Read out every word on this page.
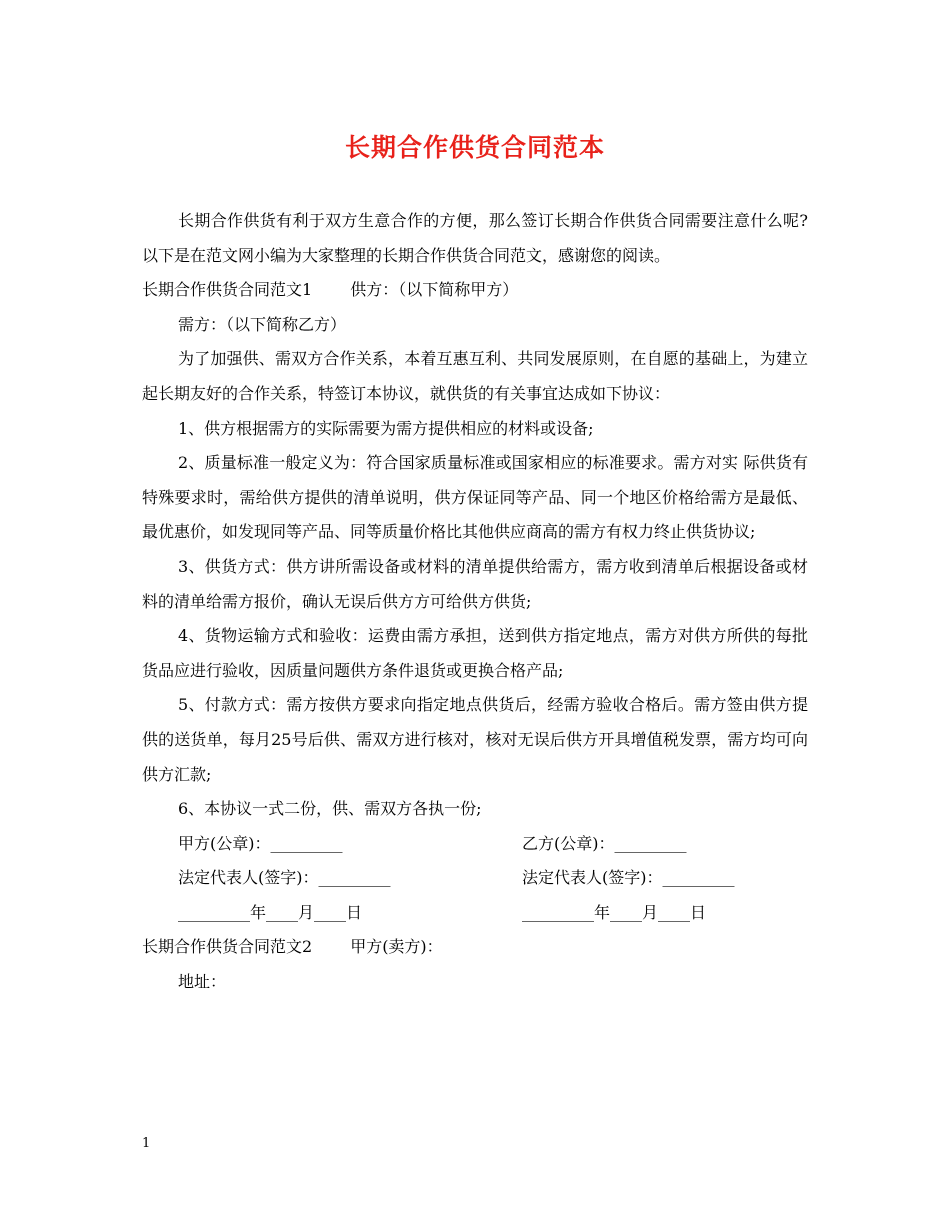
长期合作供货合同范本

长期合作供货有利于双方生意合作的方便，那么签订长期合作供货合同需要注意什么呢?以下是在范文网小编为大家整理的长期合作供货合同范文，感谢您的阅读。

长期合作供货合同范文1 供方：（以下简称甲方）

需方：（以下简称乙方）

为了加强供、需双方合作关系，本着互惠互利、共同发展原则，在自愿的基础上，为建立起长期友好的合作关系，特签订本协议，就供货的有关事宜达成如下协议：

1、供方根据需方的实际需要为需方提供相应的材料或设备;

2、质量标准一般定义为：符合国家质量标准或国家相应的标准要求。需方对实 际供货有特殊要求时，需给供方提供的清单说明，供方保证同等产品、同一个地区价格给需方是最低、最优惠价，如发现同等产品、同等质量价格比其他供应商高的需方有权力终止供货协议;

3、供货方式：供方讲所需设备或材料的清单提供给需方，需方收到清单后根据设备或材料的清单给需方报价，确认无误后供方方可给供方供货;

4、货物运输方式和验收：运费由需方承担，送到供方指定地点，需方对供方所供的每批货品应进行验收，因质量问题供方条件退货或更换合格产品;

5、付款方式：需方按供方要求向指定地点供货后，经需方验收合格后。需方签由供方提供的送货单，每月25号后供、需双方进行核对，核对无误后供方开具增值税发票，需方均可向供方汇款;

6、本协议一式二份，供、需双方各执一份;

甲方(公章)：_________	乙方(公章)：_________
法定代表人(签字)：_________	法定代表人(签字)：_________
_________年____月____日	_________年____月____日

长期合作供货合同范文2 甲方(卖方)：

地址：

1
